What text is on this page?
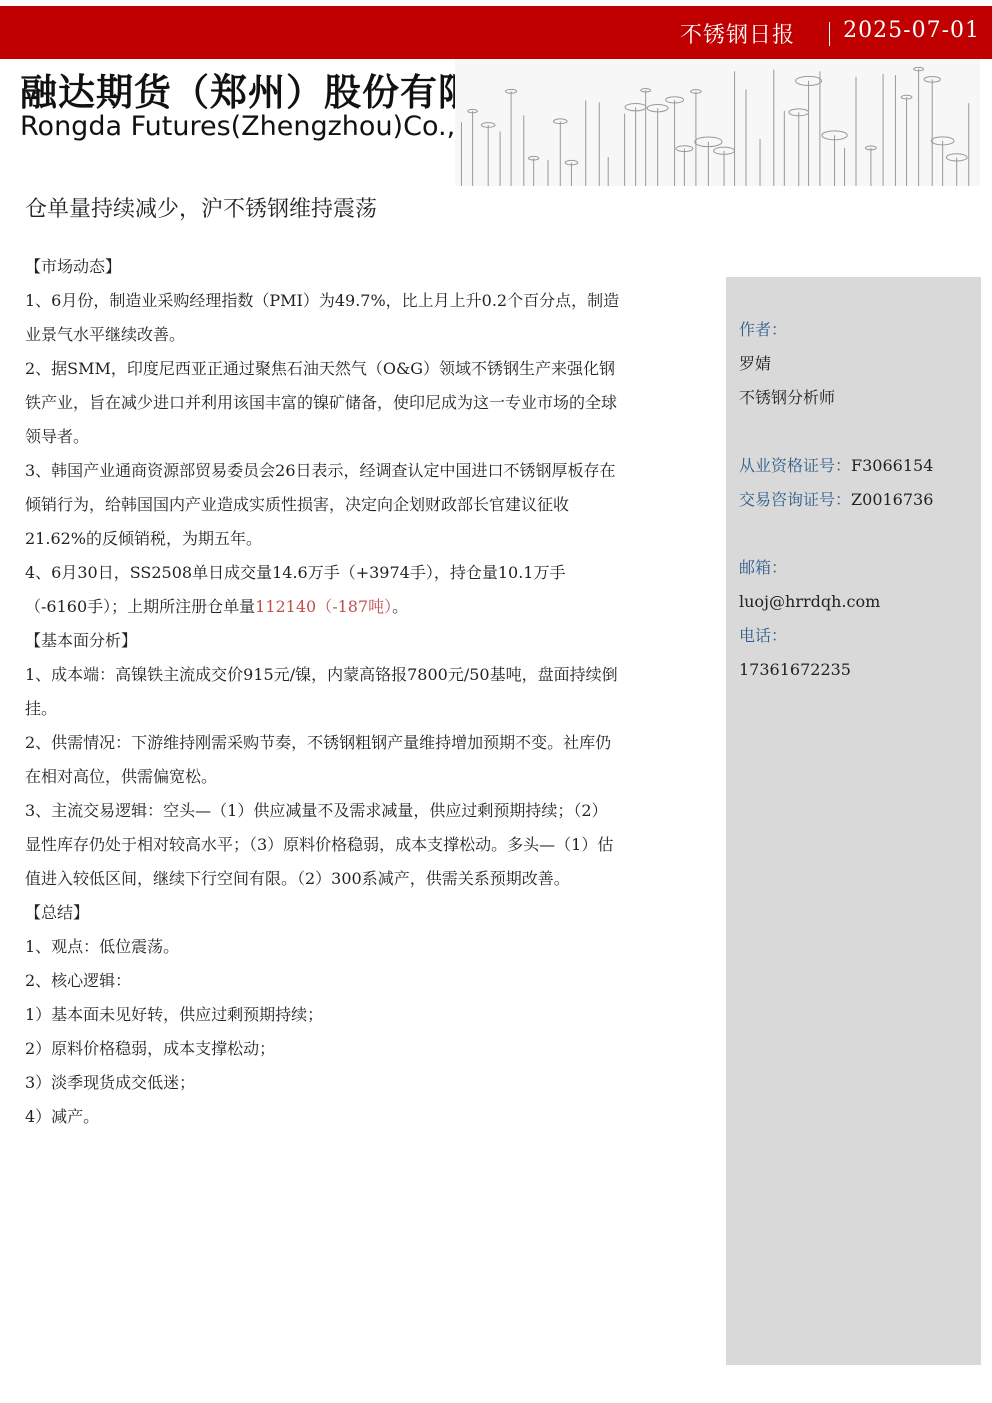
不锈钢日报 2025-07-01
融达期货（郑州）股份有限公司
Rongda Futures(Zhengzhou)Co.,Ltd.
仓单量持续减少，沪不锈钢维持震荡

【市场动态】

1、6月份，制造业采购经理指数（PMI）为49.7%，比上月上升0.2个百分点，制造业景气水平继续改善。

2、据SMM，印度尼西亚正通过聚焦石油天然气（O&G）领域不锈钢生产来强化钢铁产业，旨在减少进口并利用该国丰富的镍矿储备，使印尼成为这一专业市场的全球领导者。

3、韩国产业通商资源部贸易委员会26日表示，经调查认定中国进口不锈钢厚板存在倾销行为，给韩国国内产业造成实质性损害，决定向企划财政部长官建议征收21.62%的反倾销税，为期五年。

4、6月30日，SS2508单日成交量14.6万手（+3974手），持仓量10.1万手（-6160手）；上期所注册仓单量112140（-187吨）。

【基本面分析】

1、成本端：高镍铁主流成交价915元/镍，内蒙高铬报7800元/50基吨，盘面持续倒挂。

2、供需情况：下游维持刚需采购节奏，不锈钢粗钢产量维持增加预期不变。社库仍在相对高位，供需偏宽松。

3、主流交易逻辑：空头—（1）供应减量不及需求减量，供应过剩预期持续；（2）显性库存仍处于相对较高水平；（3）原料价格稳弱，成本支撑松动。多头—（1）估值进入较低区间，继续下行空间有限。（2）300系减产，供需关系预期改善。

【总结】

1、观点：低位震荡。

2、核心逻辑：

1）基本面未见好转，供应过剩预期持续；

2）原料价格稳弱，成本支撑松动；

3）淡季现货成交低迷；

4）减产。

作者：
罗婧
不锈钢分析师
从业资格证号：F3066154
交易咨询证号：Z0016736
邮箱：
luoj@hrrdqh.com
电话：
17361672235
